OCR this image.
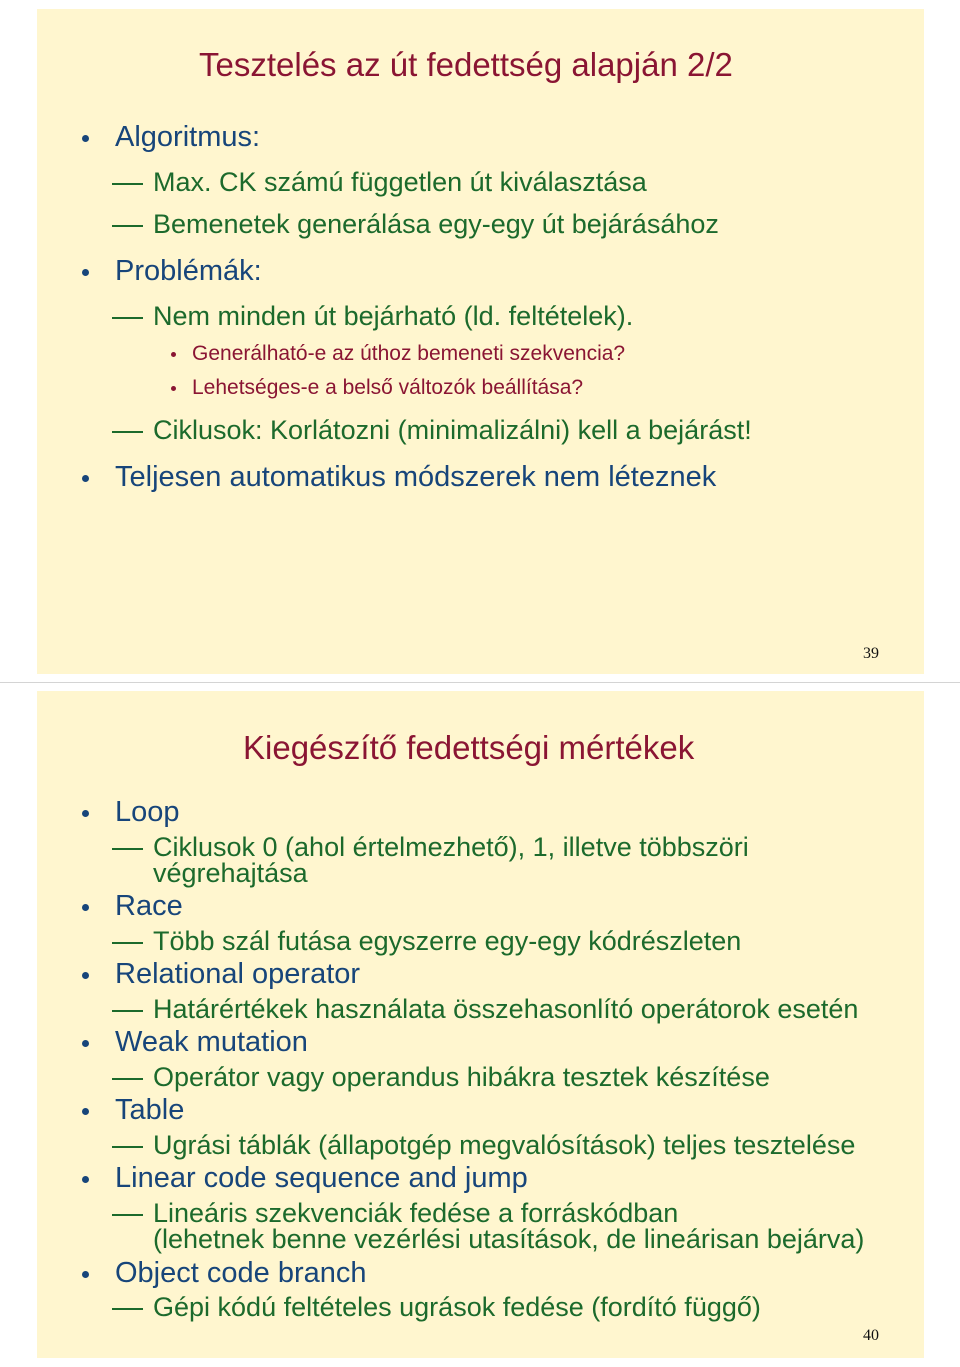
Tesztelés az út fedettség alapján 2/2
Algoritmus:
Max. CK számú független út kiválasztása
Bemenetek generálása egy-egy út bejárásához
Problémák:
Nem minden út bejárható (ld. feltételek).
Generálható-e az úthoz bemeneti szekvencia?
Lehetséges-e a belső változók beállítása?
Ciklusok: Korlátozni (minimalizálni) kell a bejárást!
Teljesen automatikus módszerek nem léteznek
39
Kiegészítő fedettségi mértékek
Loop
Ciklusok 0 (ahol értelmezhető), 1, illetve többszöri
végrehajtása
Race
Több szál futása egyszerre egy-egy kódrészleten
Relational operator
Határértékek használata összehasonlító operátorok esetén
Weak mutation
Operátor vagy operandus hibákra tesztek készítése
Table
Ugrási táblák (állapotgép megvalósítások) teljes tesztelése
Linear code sequence and jump
Lineáris szekvenciák fedése a forráskódban
(lehetnek benne vezérlési utasítások, de lineárisan bejárva)
Object code branch
Gépi kódú feltételes ugrások fedése (fordító függő)
40
